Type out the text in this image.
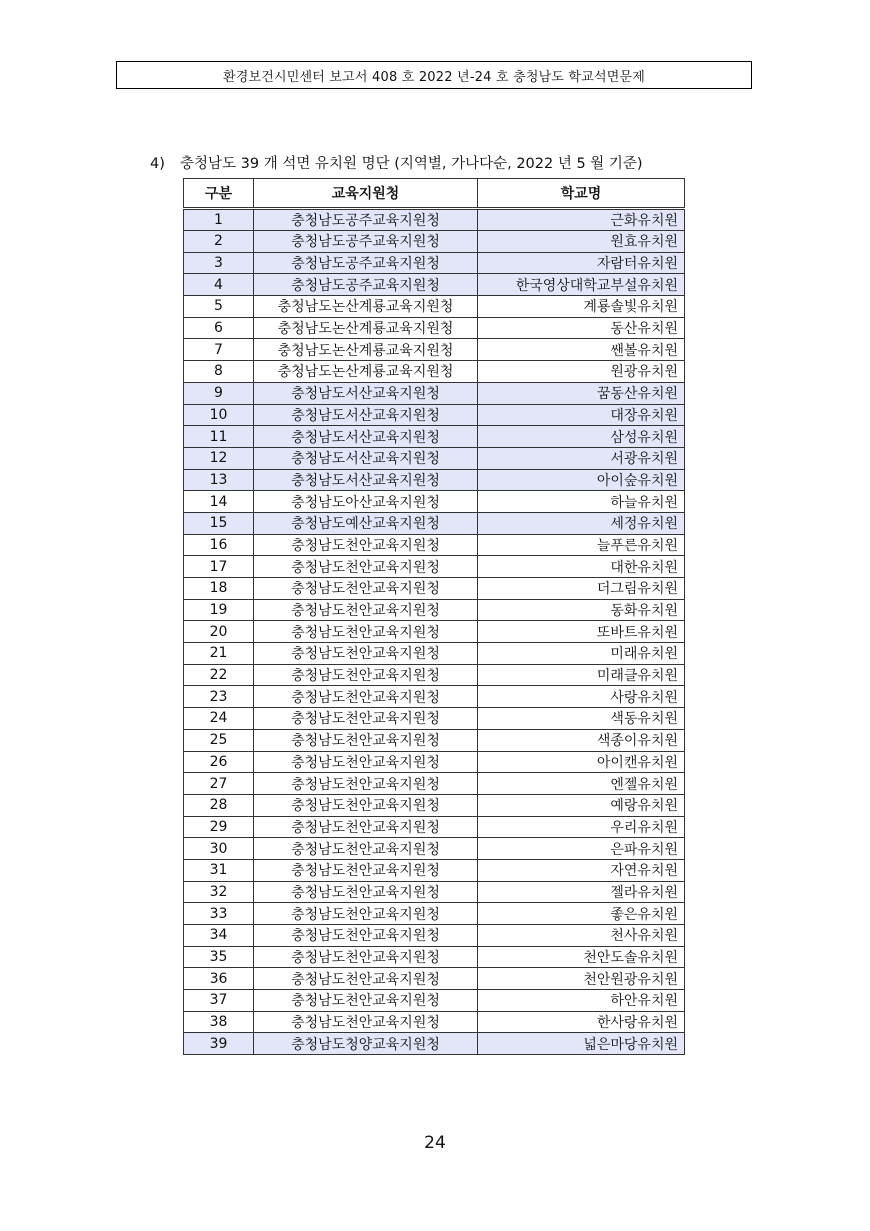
환경보건시민센터 보고서 408 호 2022 년-24 호 충청남도 학교석면문제
4) 충청남도 39 개 석면 유치원 명단 (지역별, 가나다순, 2022 년 5 월 기준)
구분	교육지원청	학교명
1	충청남도공주교육지원청	근화유치원
2	충청남도공주교육지원청	원효유치원
3	충청남도공주교육지원청	자람터유치원
4	충청남도공주교육지원청	한국영상대학교부설유치원
5	충청남도논산계룡교육지원청	계룡솔빛유치원
6	충청남도논산계룡교육지원청	동산유치원
7	충청남도논산계룡교육지원청	쌘볼유치원
8	충청남도논산계룡교육지원청	원광유치원
9	충청남도서산교육지원청	꿈동산유치원
10	충청남도서산교육지원청	대장유치원
11	충청남도서산교육지원청	삼성유치원
12	충청남도서산교육지원청	서광유치원
13	충청남도서산교육지원청	아이숲유치원
14	충청남도아산교육지원청	하늘유치원
15	충청남도예산교육지원청	세정유치원
16	충청남도천안교육지원청	늘푸른유치원
17	충청남도천안교육지원청	대한유치원
18	충청남도천안교육지원청	더그림유치원
19	충청남도천안교육지원청	동화유치원
20	충청남도천안교육지원청	또바트유치원
21	충청남도천안교육지원청	미래유치원
22	충청남도천안교육지원청	미래클유치원
23	충청남도천안교육지원청	사랑유치원
24	충청남도천안교육지원청	색동유치원
25	충청남도천안교육지원청	색종이유치원
26	충청남도천안교육지원청	아이캔유치원
27	충청남도천안교육지원청	엔젤유치원
28	충청남도천안교육지원청	예랑유치원
29	충청남도천안교육지원청	우리유치원
30	충청남도천안교육지원청	은파유치원
31	충청남도천안교육지원청	자연유치원
32	충청남도천안교육지원청	젤라유치원
33	충청남도천안교육지원청	좋은유치원
34	충청남도천안교육지원청	천사유치원
35	충청남도천안교육지원청	천안도솔유치원
36	충청남도천안교육지원청	천안원광유치원
37	충청남도천안교육지원청	하안유치원
38	충청남도천안교육지원청	한사랑유치원
39	충청남도청양교육지원청	넓은마당유치원
24
